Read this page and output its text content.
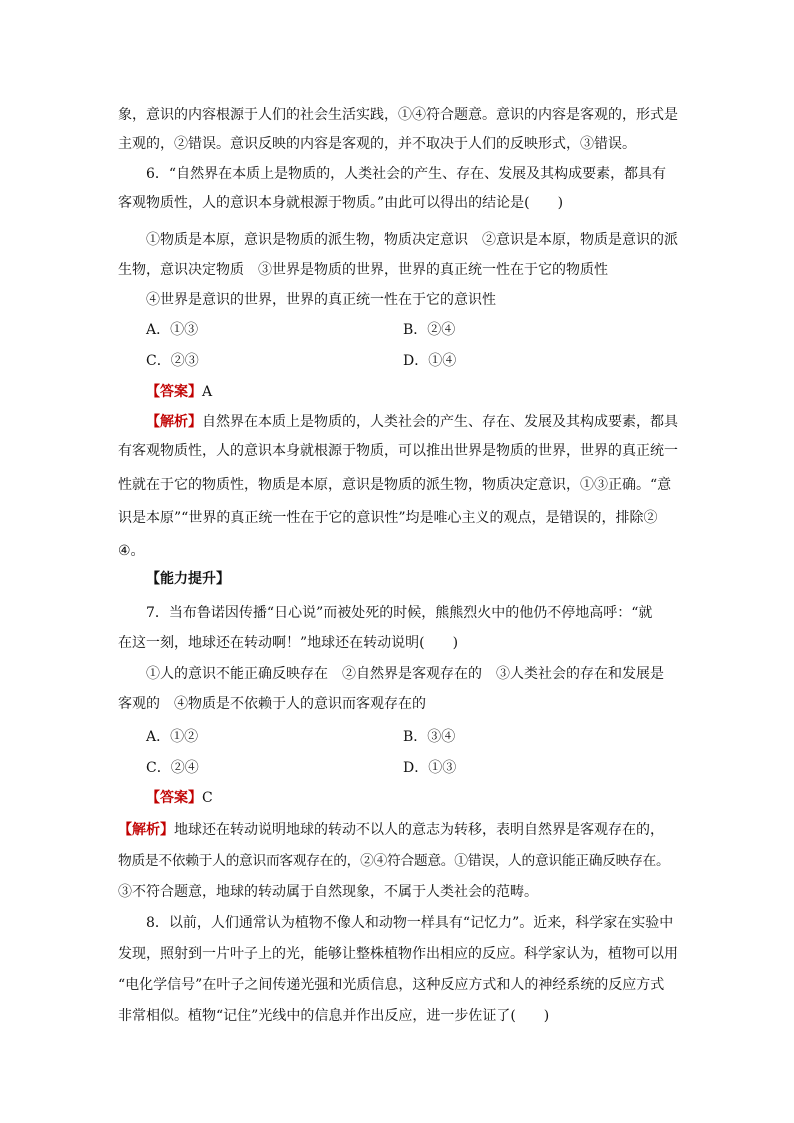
象，意识的内容根源于人们的社会生活实践，①④符合题意。意识的内容是客观的，形式是
主观的，②错误。意识反映的内容是客观的，并不取决于人们的反映形式，③错误。
6．“自然界在本质上是物质的，人类社会的产生、存在、发展及其构成要素，都具有
客观物质性，人的意识本身就根源于物质。”由此可以得出的结论是(　　)
①物质是本原，意识是物质的派生物，物质决定意识　②意识是本原，物质是意识的派
生物，意识决定物质　③世界是物质的世界，世界的真正统一性在于它的物质性
④世界是意识的世界，世界的真正统一性在于它的意识性
A．①③	B．②④
C．②③	D．①④
【答案】A
【解析】自然界在本质上是物质的，人类社会的产生、存在、发展及其构成要素，都具
有客观物质性，人的意识本身就根源于物质，可以推出世界是物质的世界，世界的真正统一
性就在于它的物质性，物质是本原，意识是物质的派生物，物质决定意识，①③正确。“意
识是本原”“世界的真正统一性在于它的意识性”均是唯心主义的观点，是错误的，排除②
④。
【能力提升】
7．当布鲁诺因传播“日心说”而被处死的时候，熊熊烈火中的他仍不停地高呼：“就
在这一刻，地球还在转动啊！”地球还在转动说明(　　)
①人的意识不能正确反映存在　②自然界是客观存在的　③人类社会的存在和发展是
客观的　④物质是不依赖于人的意识而客观存在的
A．①②	B．③④
C．②④	D．①③
【答案】C
【解析】地球还在转动说明地球的转动不以人的意志为转移，表明自然界是客观存在的，
物质是不依赖于人的意识而客观存在的，②④符合题意。①错误，人的意识能正确反映存在。
③不符合题意，地球的转动属于自然现象，不属于人类社会的范畴。
8．以前，人们通常认为植物不像人和动物一样具有“记忆力”。近来，科学家在实验中
发现，照射到一片叶子上的光，能够让整株植物作出相应的反应。科学家认为，植物可以用
“电化学信号”在叶子之间传递光强和光质信息，这种反应方式和人的神经系统的反应方式
非常相似。植物“记住”光线中的信息并作出反应，进一步佐证了(　　)
